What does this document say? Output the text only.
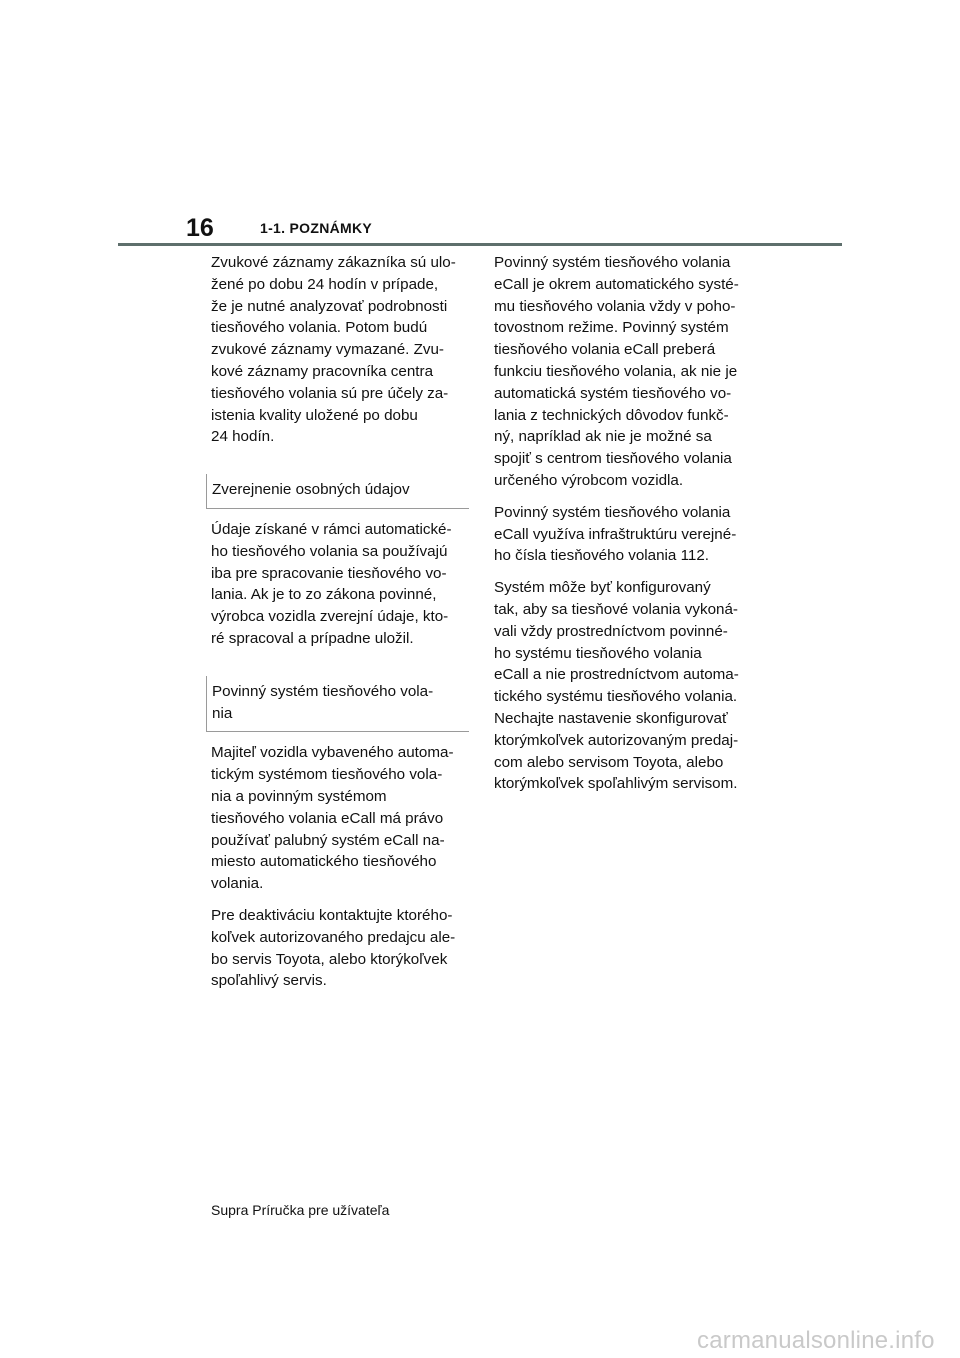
16	1-1. POZNÁMKY

Zvukové záznamy zákazníka sú ulo-
žené po dobu 24 hodín v prípade,
že je nutné analyzovať podrobnosti
tiesňového volania. Potom budú
zvukové záznamy vymazané. Zvu-
kové záznamy pracovníka centra
tiesňového volania sú pre účely za-
istenia kvality uložené po dobu
24 hodín.

Zverejnenie osobných údajov

Údaje získané v rámci automatické-
ho tiesňového volania sa používajú
iba pre spracovanie tiesňového vo-
lania. Ak je to zo zákona povinné,
výrobca vozidla zverejní údaje, kto-
ré spracoval a prípadne uložil.

Povinný systém tiesňového vola-
nia

Majiteľ vozidla vybaveného automa-
tickým systémom tiesňového vola-
nia a povinným systémom
tiesňového volania eCall má právo
používať palubný systém eCall na-
miesto automatického tiesňového
volania.

Pre deaktiváciu kontaktujte ktorého-
koľvek autorizovaného predajcu ale-
bo servis Toyota, alebo ktorýkoľvek
spoľahlivý servis.

Povinný systém tiesňového volania
eCall je okrem automatického systé-
mu tiesňového volania vždy v poho-
tovostnom režime. Povinný systém
tiesňového volania eCall preberá
funkciu tiesňového volania, ak nie je
automatická systém tiesňového vo-
lania z technických dôvodov funkč-
ný, napríklad ak nie je možné sa
spojiť s centrom tiesňového volania
určeného výrobcom vozidla.

Povinný systém tiesňového volania
eCall využíva infraštruktúru verejné-
ho čísla tiesňového volania 112.

Systém môže byť konfigurovaný
tak, aby sa tiesňové volania vykoná-
vali vždy prostredníctvom povinné-
ho systému tiesňového volania
eCall a nie prostredníctvom automa-
tického systému tiesňového volania.
Nechajte nastavenie skonfigurovať
ktorýmkoľvek autorizovaným predaj-
com alebo servisom Toyota, alebo
ktorýmkoľvek spoľahlivým servisom.

Supra Príručka pre užívateľa
carmanualsonline.info
